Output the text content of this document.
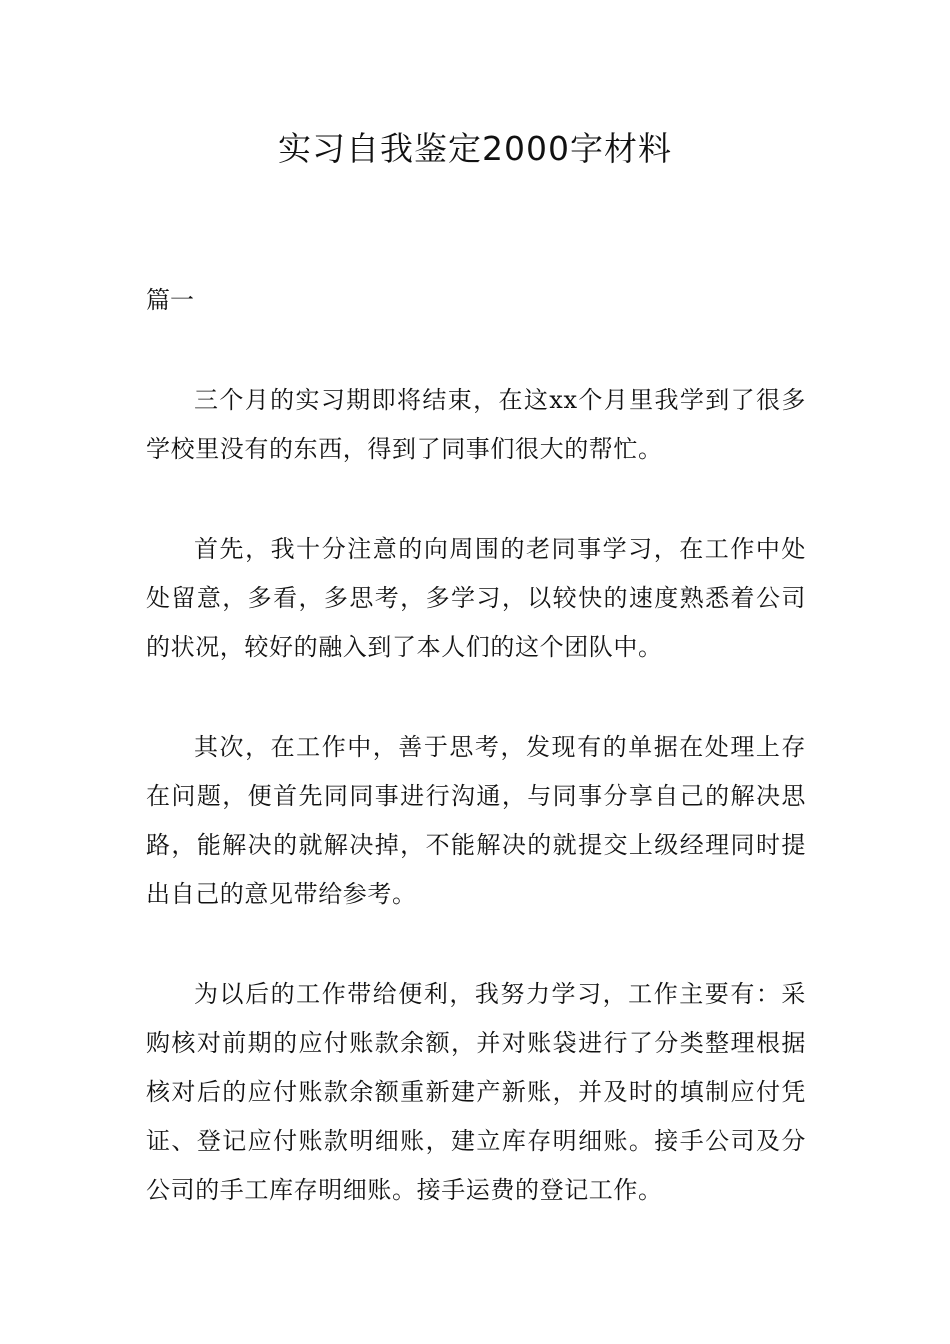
实习自我鉴定2000字材料

篇一

三个月的实习期即将结束，在这xx个月里我学到了很多学校里没有的东西，得到了同事们很大的帮忙。

首先，我十分注意的向周围的老同事学习，在工作中处处留意，多看，多思考，多学习，以较快的速度熟悉着公司的状况，较好的融入到了本人们的这个团队中。

其次，在工作中，善于思考，发现有的单据在处理上存在问题，便首先同同事进行沟通，与同事分享自己的解决思路，能解决的就解决掉，不能解决的就提交上级经理同时提出自己的意见带给参考。

为以后的工作带给便利，我努力学习，工作主要有：采购核对前期的应付账款余额，并对账袋进行了分类整理根据核对后的应付账款余额重新建产新账，并及时的填制应付凭证、登记应付账款明细账，建立库存明细账。接手公司及分公司的手工库存明细账。接手运费的登记工作。
